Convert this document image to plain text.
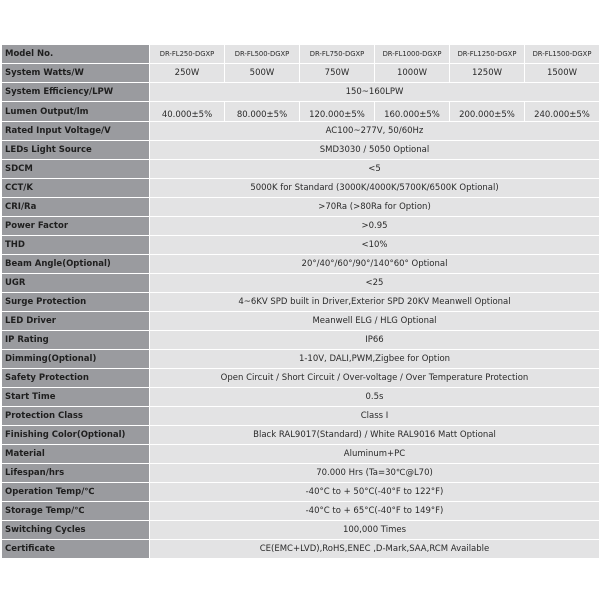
Model No.	DR-FL250-DGXP	DR-FL500-DGXP	DR-FL750-DGXP	DR-FL1000-DGXP	DR-FL1250-DGXP	DR-FL1500-DGXP
System Watts/W	250W	500W	750W	1000W	1250W	1500W
System Efficiency/LPW	150~160LPW					
Lumen Output/lm	40.000±5%	80.000±5%	120.000±5%	160.000±5%	200.000±5%	240.000±5%
Rated Input Voltage/V	AC100~277V, 50/60Hz					
LEDs Light Source	SMD3030 / 5050 Optional					
SDCM	<5					
CCT/K	5000K for Standard (3000K/4000K/5700K/6500K Optional)					
CRI/Ra	>70Ra (>80Ra for Option)					
Power Factor	>0.95					
THD	<10%					
Beam Angle(Optional)	20°/40°/60°/90°/140°60° Optional					
UGR	<25					
Surge Protection	4~6KV SPD built in Driver,Exterior SPD 20KV Meanwell Optional					
LED Driver	Meanwell ELG / HLG Optional					
IP Rating	IP66					
Dimming(Optional)	1-10V, DALI,PWM,Zigbee for Option					
Safety Protection	Open Circuit / Short Circuit / Over-voltage / Over Temperature Protection					
Start Time	0.5s					
Protection Class	Class Ⅰ					
Finishing Color(Optional)	Black RAL9017(Standard) / White RAL9016 Matt Optional					
Material	Aluminum+PC					
Lifespan/hrs	70.000 Hrs (Ta=30℃@L70)					
Operation Temp/℃	-40°C to + 50°C(-40°F to 122°F)					
Storage Temp/℃	-40°C to + 65°C(-40°F to 149°F)					
Switching Cycles	100,000 Times					
Certificate	CE(EMC+LVD),RoHS,ENEC ,D-Mark,SAA,RCM Available					
